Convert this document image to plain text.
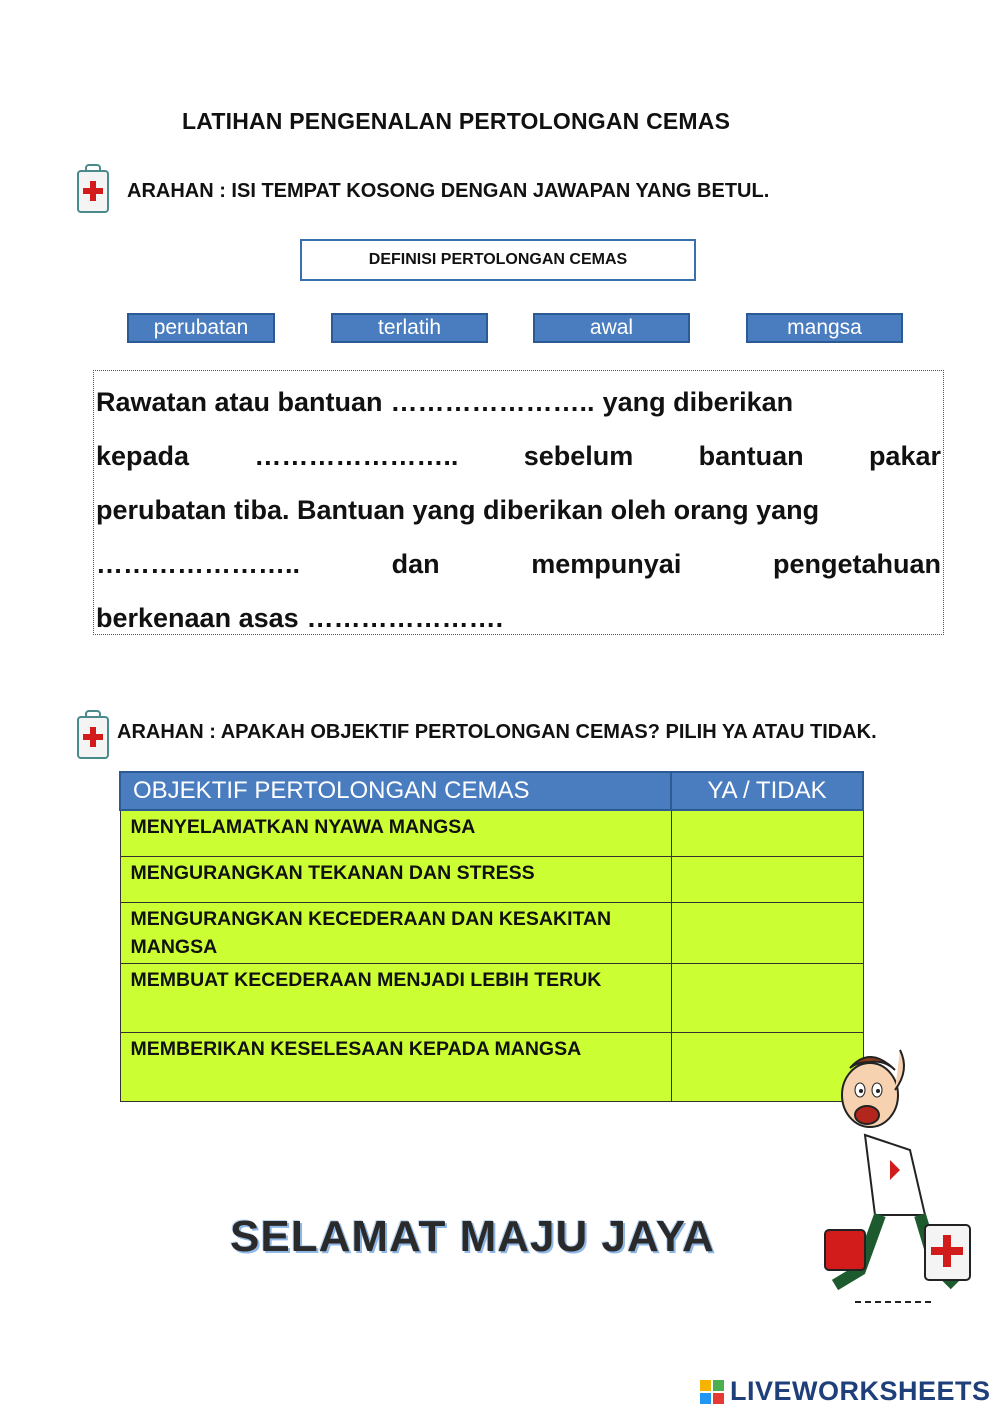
LATIHAN PENGENALAN PERTOLONGAN CEMAS
ARAHAN : ISI TEMPAT KOSONG DENGAN JAWAPAN YANG BETUL.
DEFINISI PERTOLONGAN CEMAS
perubatan	terlatih	awal	mangsa
Rawatan atau bantuan ………………….. yang diberikan
kepada ………………….. sebelum bantuan pakar
perubatan tiba. Bantuan yang diberikan oleh orang yang
…………………..	dan	mempunyai	pengetahuan
berkenaan asas ………………….
ARAHAN : APAKAH OBJEKTIF PERTOLONGAN CEMAS? PILIH YA ATAU TIDAK.
OBJEKTIF PERTOLONGAN CEMAS	YA / TIDAK
MENYELAMATKAN NYAWA MANGSA	
MENGURANGKAN TEKANAN DAN STRESS	
MENGURANGKAN KECEDERAAN DAN KESAKITAN MANGSA	
MEMBUAT KECEDERAAN MENJADI LEBIH TERUK	
MEMBERIKAN KESELESAAN KEPADA MANGSA	
SELAMAT MAJU JAYA
LIVEWORKSHEETS
